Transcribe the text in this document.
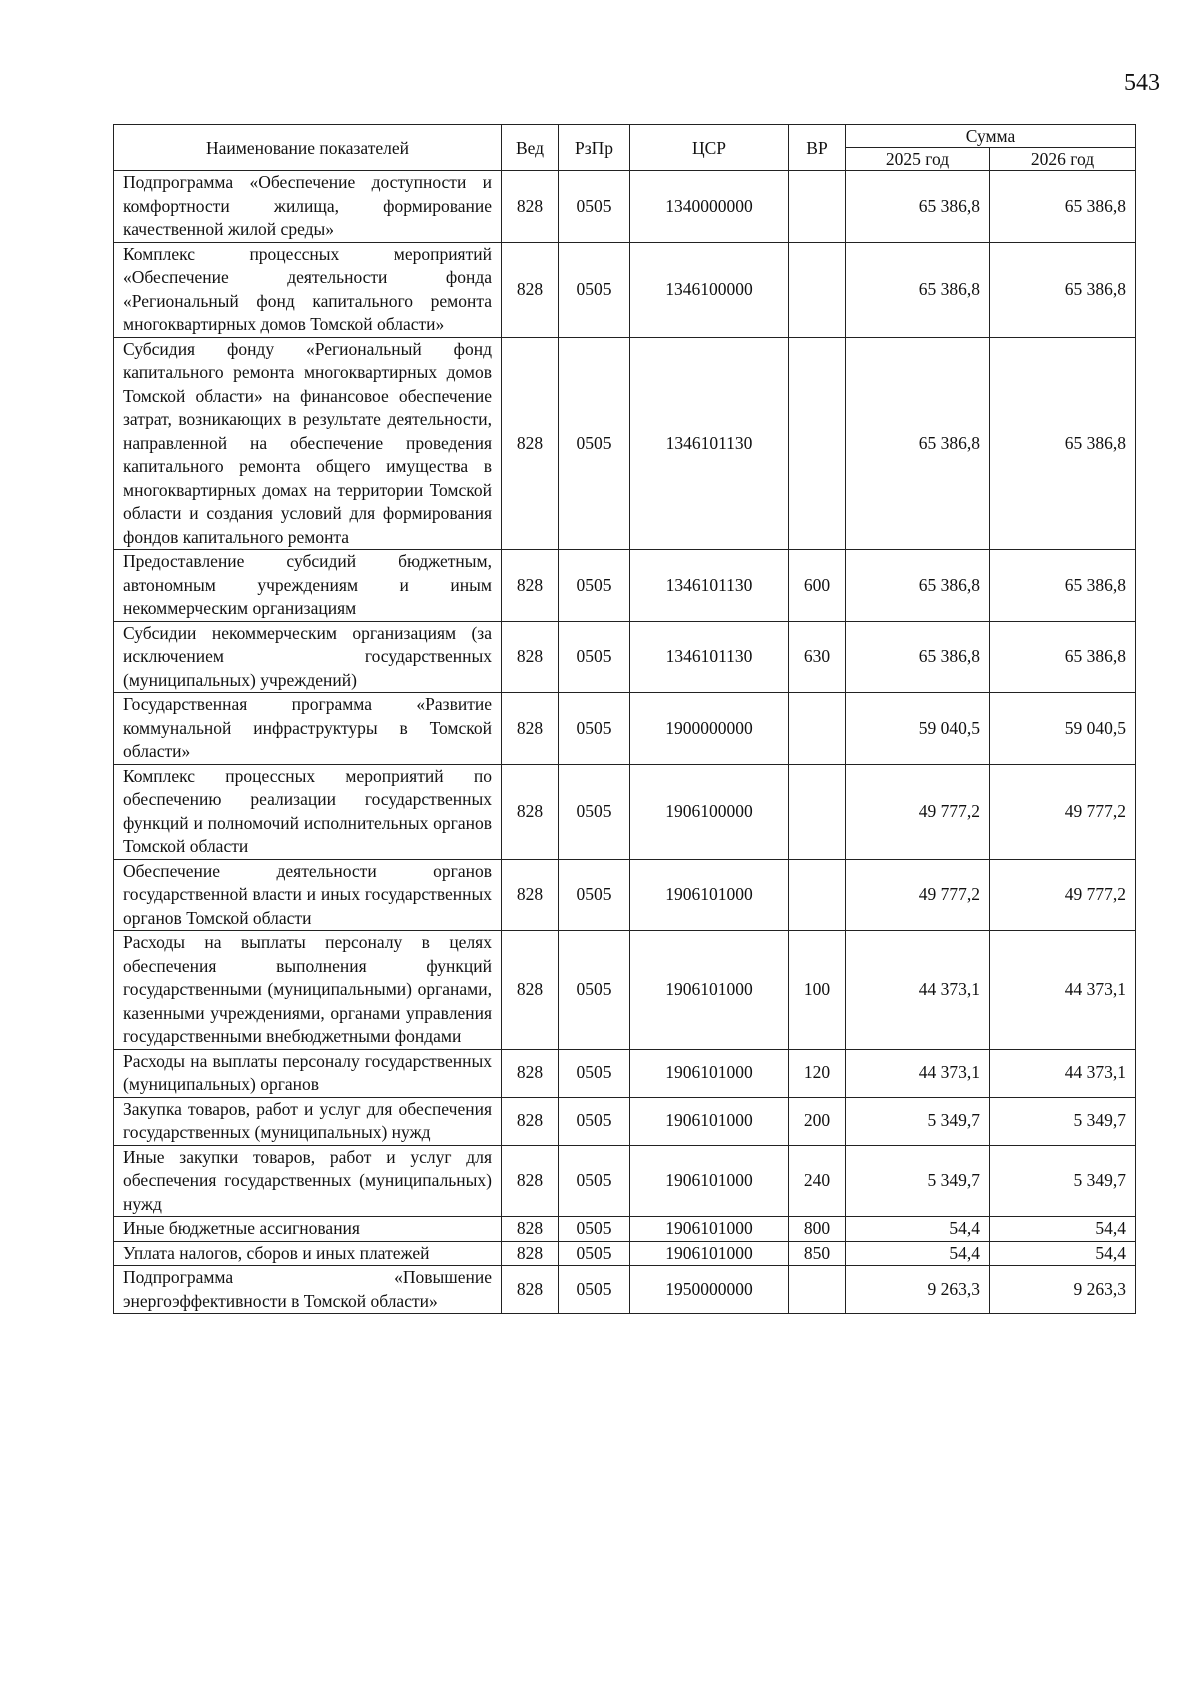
543
Наименование показателей	Вед	РзПр	ЦСР	ВР	Сумма	
					2025 год	2026 год
Подпрограмма «Обеспечение доступности и комфортности жилища, формирование качественной жилой среды»	828	0505	1340000000		65 386,8	65 386,8
Комплекс процессных мероприятий «Обеспечение деятельности фонда «Региональный фонд капитального ремонта многоквартирных домов Томской области»	828	0505	1346100000		65 386,8	65 386,8
Субсидия фонду «Региональный фонд капитального ремонта многоквартирных домов Томской области» на финансовое обеспечение затрат, возникающих в результате деятельности, направленной на обеспечение проведения капитального ремонта общего имущества в многоквартирных домах на территории Томской области и создания условий для формирования фондов капитального ремонта	828	0505	1346101130		65 386,8	65 386,8
Предоставление субсидий бюджетным, автономным учреждениям и иным некоммерческим организациям	828	0505	1346101130	600	65 386,8	65 386,8
Субсидии некоммерческим организациям (за исключением государственных (муниципальных) учреждений)	828	0505	1346101130	630	65 386,8	65 386,8
Государственная программа «Развитие коммунальной инфраструктуры в Томской области»	828	0505	1900000000		59 040,5	59 040,5
Комплекс процессных мероприятий по обеспечению реализации государственных функций и полномочий исполнительных органов Томской области	828	0505	1906100000		49 777,2	49 777,2
Обеспечение деятельности органов государственной власти и иных государственных органов Томской области	828	0505	1906101000		49 777,2	49 777,2
Расходы на выплаты персоналу в целях обеспечения выполнения функций государственными (муниципальными) органами, казенными учреждениями, органами управления государственными внебюджетными фондами	828	0505	1906101000	100	44 373,1	44 373,1
Расходы на выплаты персоналу государственных (муниципальных) органов	828	0505	1906101000	120	44 373,1	44 373,1
Закупка товаров, работ и услуг для обеспечения государственных (муниципальных) нужд	828	0505	1906101000	200	5 349,7	5 349,7
Иные закупки товаров, работ и услуг для обеспечения государственных (муниципальных) нужд	828	0505	1906101000	240	5 349,7	5 349,7
Иные бюджетные ассигнования	828	0505	1906101000	800	54,4	54,4
Уплата налогов, сборов и иных платежей	828	0505	1906101000	850	54,4	54,4
Подпрограмма «Повышение энергоэффективности в Томской области»	828	0505	1950000000		9 263,3	9 263,3
